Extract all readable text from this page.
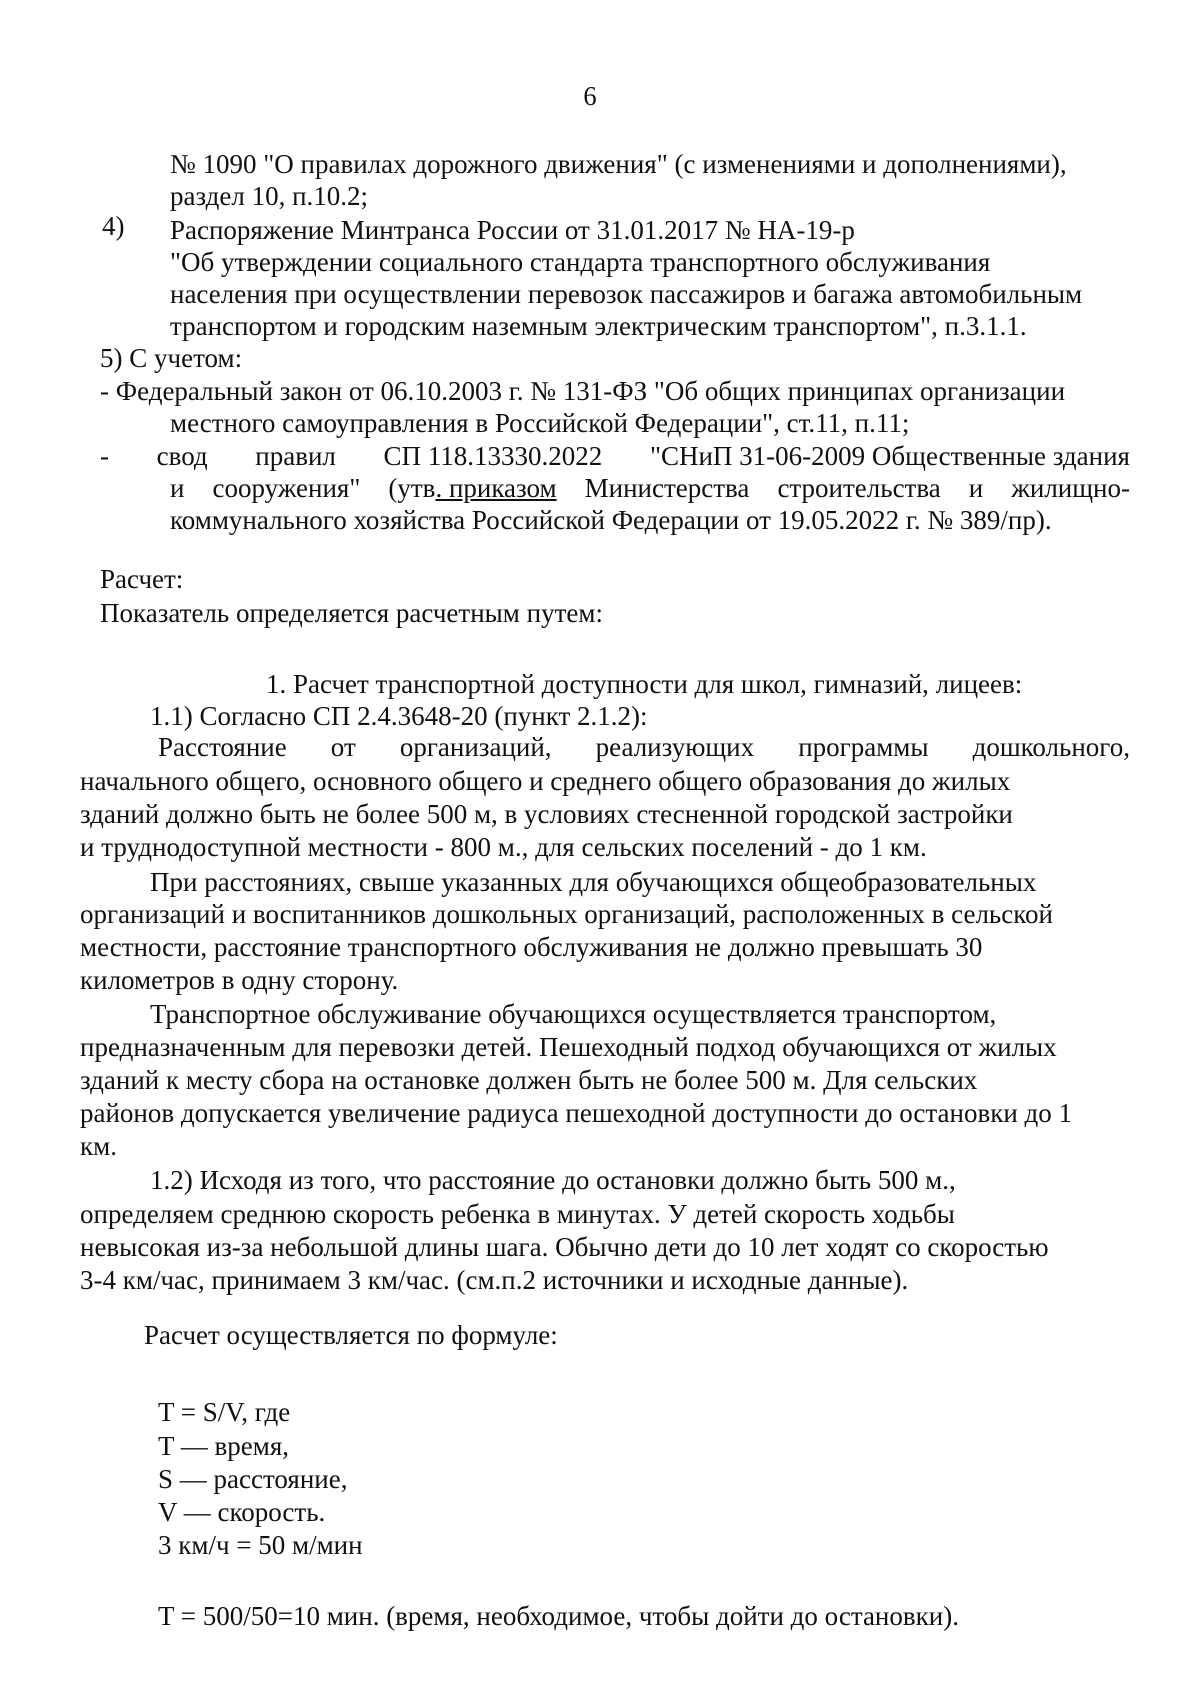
6
№ 1090 "О правилах дорожного движения" (с изменениями и дополнениями),
раздел 10, п.10.2;
4) Распоряжение Минтранса России от 31.01.2017 № НА-19-р
"Об утверждении социального стандарта транспортного обслуживания
населения при осуществлении перевозок пассажиров и багажа автомобильным
транспортом и городским наземным электрическим транспортом", п.3.1.1.
5) С учетом:
- Федеральный закон от 06.10.2003 г. № 131-ФЗ "Об общих принципах организации
местного самоуправления в Российской Федерации", ст.11, п.11;
- свод правил СП 118.13330.2022 "СНиП 31-06-2009 Общественные здания
и сооружения" (утв. приказом Министерства строительства и жилищно-
коммунального хозяйства Российской Федерации от 19.05.2022 г. № 389/пр).
Расчет:
Показатель определяется расчетным путем:
1. Расчет транспортной доступности для школ, гимназий, лицеев:
1.1) Согласно СП 2.4.3648-20 (пункт 2.1.2):
Расстояние от организаций, реализующих программы дошкольного,
начального общего, основного общего и среднего общего образования до жилых
зданий должно быть не более 500 м, в условиях стесненной городской застройки
и труднодоступной местности - 800 м., для сельских поселений - до 1 км.
При расстояниях, свыше указанных для обучающихся общеобразовательных
организаций и воспитанников дошкольных организаций, расположенных в сельской
местности, расстояние транспортного обслуживания не должно превышать 30
километров в одну сторону.
Транспортное обслуживание обучающихся осуществляется транспортом,
предназначенным для перевозки детей. Пешеходный подход обучающихся от жилых
зданий к месту сбора на остановке должен быть не более 500 м. Для сельских
районов допускается увеличение радиуса пешеходной доступности до остановки до 1
км.
1.2) Исходя из того, что расстояние до остановки должно быть 500 м.,
определяем среднюю скорость ребенка в минутах. У детей скорость ходьбы
невысокая из-за небольшой длины шага. Обычно дети до 10 лет ходят со скоростью
3-4 км/час, принимаем 3 км/час. (см.п.2 источники и исходные данные).
Расчет осуществляется по формуле:
T = S/V, где
T — время,
S — расстояние,
V — скорость.
3 км/ч = 50 м/мин
T = 500/50=10 мин. (время, необходимое, чтобы дойти до остановки).
